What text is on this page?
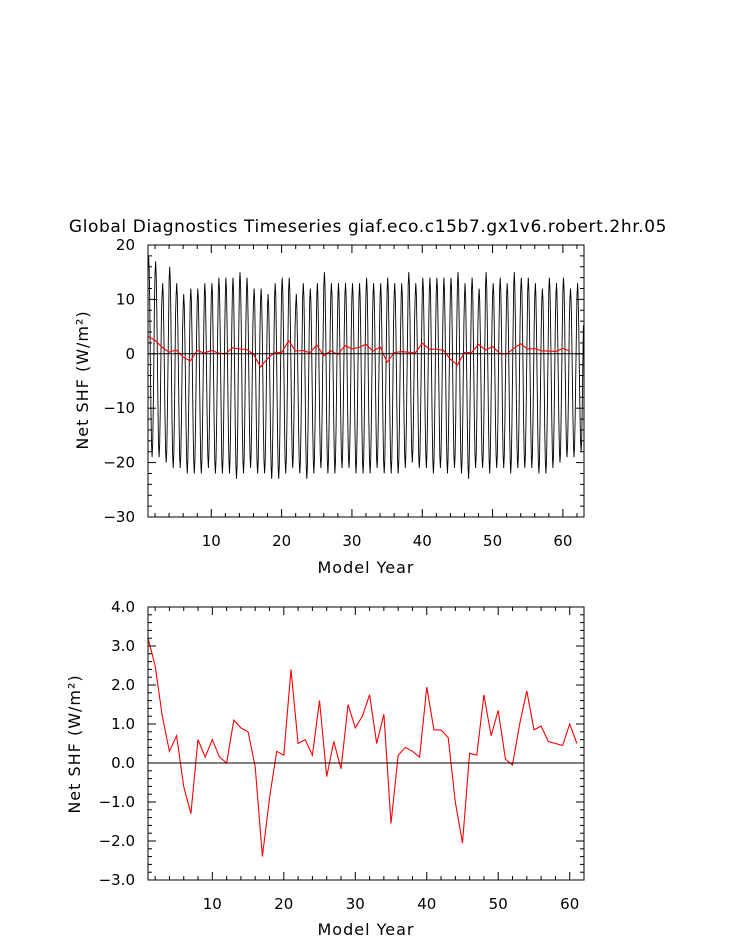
Global Diagnostics Timeseries giaf.eco.c15b7.gx1v6.robert.2hr.05
Net SHF (W/m²)
Model Year
−30
−20
−10
0
10
20
10	20	30	40	50	60
Net SHF (W/m²)
Model Year
−3.0
−2.0
−1.0
0.0
1.0
2.0
3.0
4.0
10	20	30	40	50	60
